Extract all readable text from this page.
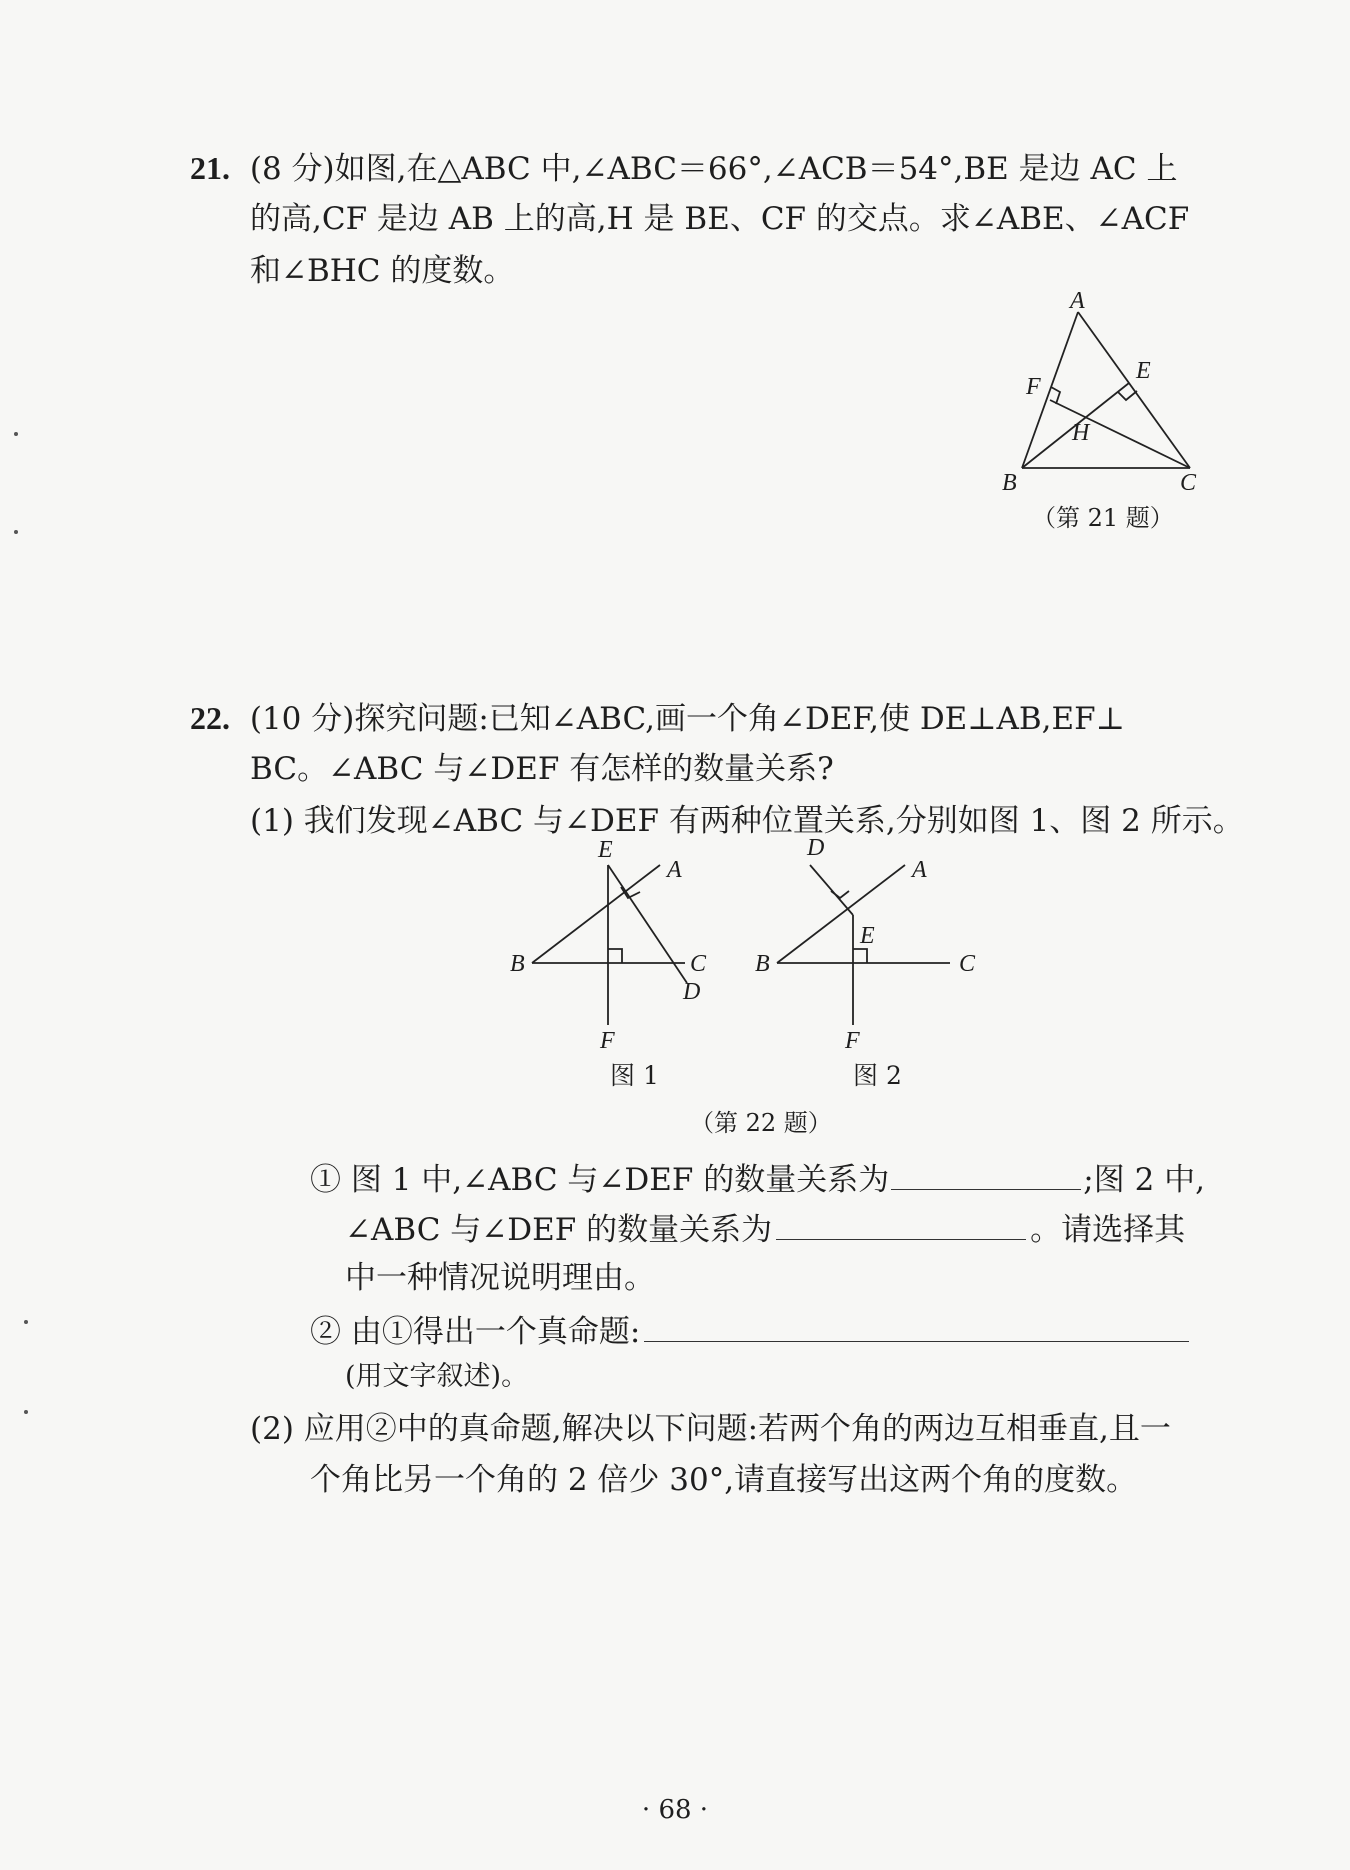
21. (8 分)如图,在△ABC 中,∠ABC＝66°,∠ACB＝54°,BE 是边 AC 上
的高,CF 是边 AB 上的高,H 是 BE、CF 的交点。求∠ABE、∠ACF
和∠BHC 的度数。
A
B	C
E
F
H
（第 21 题）
22. (10 分)探究问题:已知∠ABC,画一个角∠DEF,使 DE⊥AB,EF⊥
BC。∠ABC 与∠DEF 有怎样的数量关系?
(1) 我们发现∠ABC 与∠DEF 有两种位置关系,分别如图 1、图 2 所示。
E
A
B	C
D
F
D
A
E
B	C
F
图 1	图 2
（第 22 题）
① 图 1 中,∠ABC 与∠DEF 的数量关系为	;图 2 中,
∠ABC 与∠DEF 的数量关系为	。请选择其
中一种情况说明理由。
② 由①得出一个真命题:
(用文字叙述)。
(2) 应用②中的真命题,解决以下问题:若两个角的两边互相垂直,且一
个角比另一个角的 2 倍少 30°,请直接写出这两个角的度数。
· 68 ·
